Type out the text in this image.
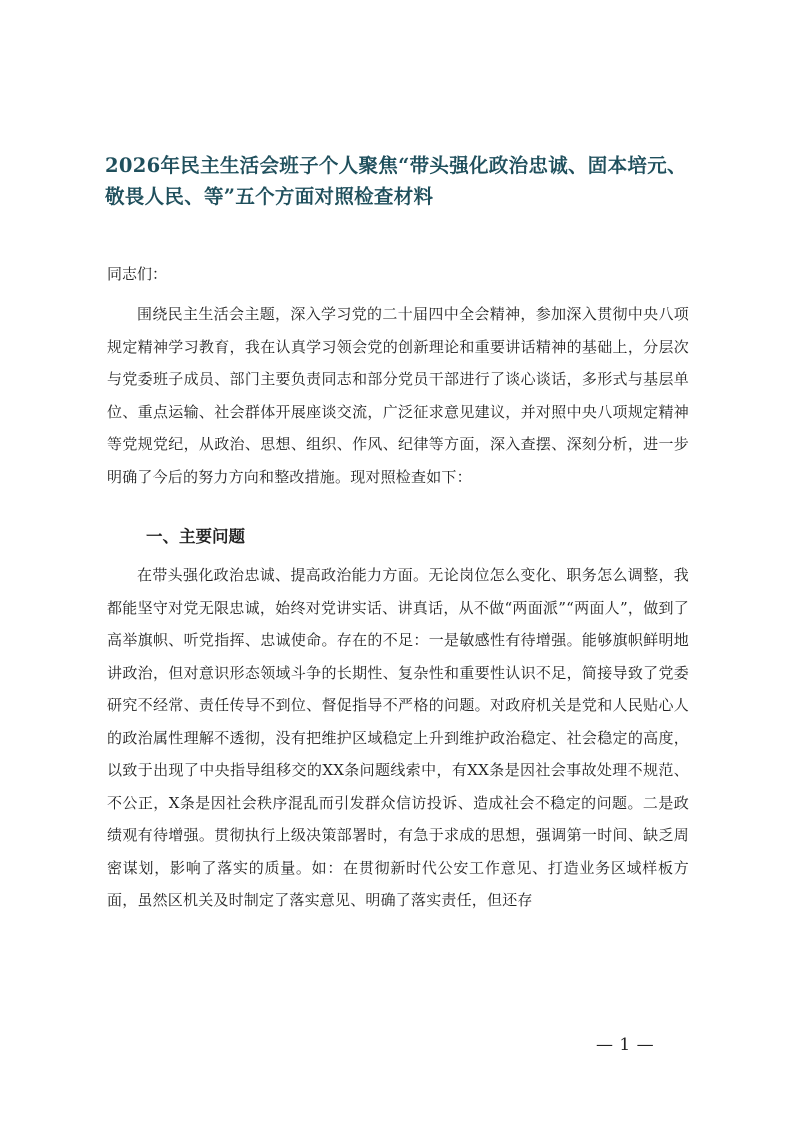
2026年民主生活会班子个人聚焦“带头强化政治忠诚、固本培元、敬畏人民、等”五个方面对照检查材料

同志们：

围绕民主生活会主题，深入学习党的二十届四中全会精神，参加深入贯彻中央八项规定精神学习教育，我在认真学习领会党的创新理论和重要讲话精神的基础上，分层次与党委班子成员、部门主要负责同志和部分党员干部进行了谈心谈话，多形式与基层单位、重点运输、社会群体开展座谈交流，广泛征求意见建议，并对照中央八项规定精神等党规党纪，从政治、思想、组织、作风、纪律等方面，深入查摆、深刻分析，进一步明确了今后的努力方向和整改措施。现对照检查如下：

一、主要问题

在带头强化政治忠诚、提高政治能力方面。无论岗位怎么变化、职务怎么调整，我都能坚守对党无限忠诚，始终对党讲实话、讲真话，从不做“两面派”“两面人”，做到了高举旗帜、听党指挥、忠诚使命。存在的不足：一是敏感性有待增强。能够旗帜鲜明地讲政治，但对意识形态领域斗争的长期性、复杂性和重要性认识不足，简接导致了党委研究不经常、责任传导不到位、督促指导不严格的问题。对政府机关是党和人民贴心人的政治属性理解不透彻，没有把维护区域稳定上升到维护政治稳定、社会稳定的高度，以致于出现了中央指导组移交的XX条问题线索中，有XX条是因社会事故处理不规范、不公正，X条是因社会秩序混乱而引发群众信访投诉、造成社会不稳定的问题。二是政绩观有待增强。贯彻执行上级决策部署时，有急于求成的思想，强调第一时间、缺乏周密谋划，影响了落实的质量。如：在贯彻新时代公安工作意见、打造业务区域样板方面，虽然区机关及时制定了落实意见、明确了落实责任，但还存

— 1 —
